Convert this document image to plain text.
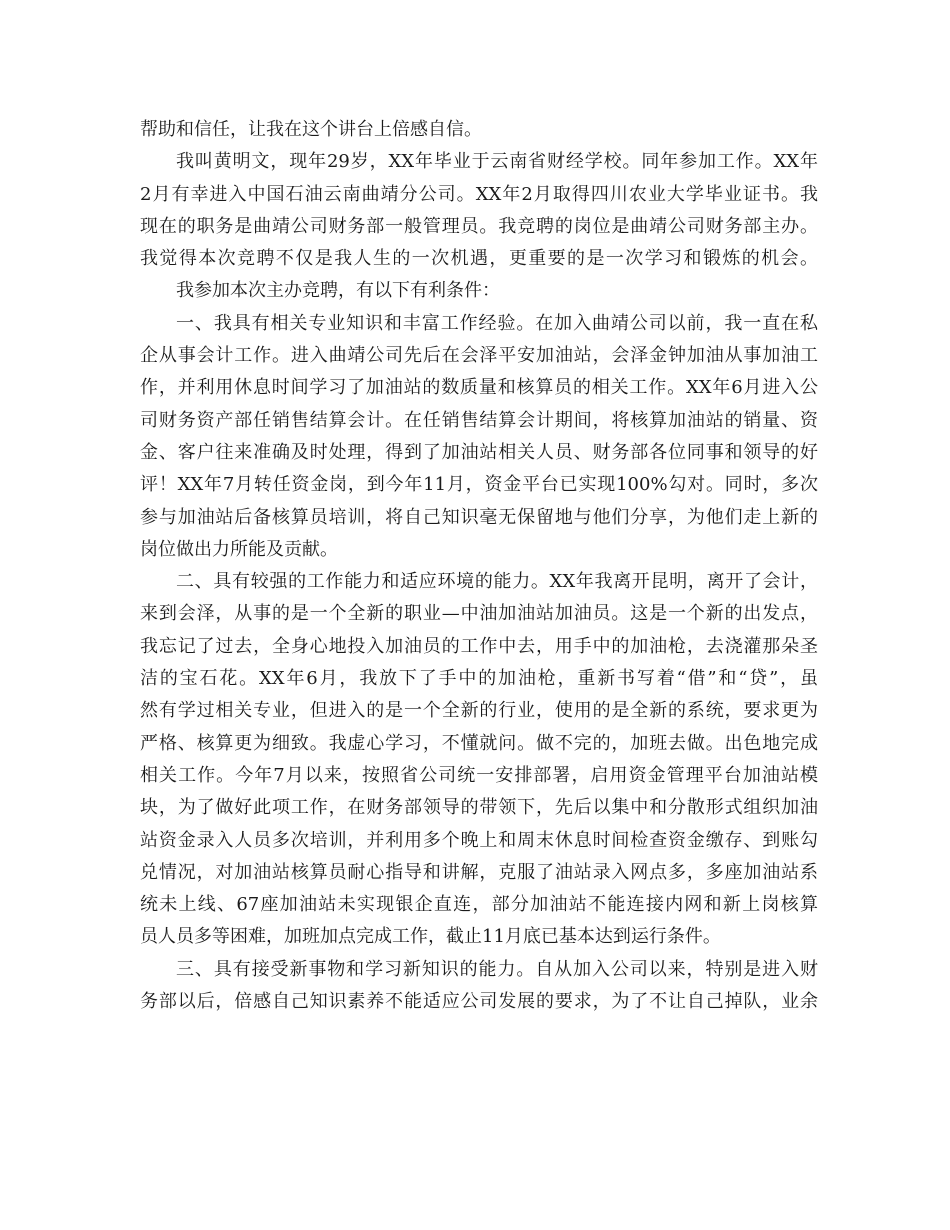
帮助和信任，让我在这个讲台上倍感自信。
我叫黄明文，现年29岁，XX年毕业于云南省财经学校。同年参加工作。XX年
2月有幸进入中国石油云南曲靖分公司。XX年2月取得四川农业大学毕业证书。我
现在的职务是曲靖公司财务部一般管理员。我竞聘的岗位是曲靖公司财务部主办。
我觉得本次竞聘不仅是我人生的一次机遇，更重要的是一次学习和锻炼的机会。
我参加本次主办竞聘，有以下有利条件：
一、我具有相关专业知识和丰富工作经验。在加入曲靖公司以前，我一直在私
企从事会计工作。进入曲靖公司先后在会泽平安加油站，会泽金钟加油从事加油工
作，并利用休息时间学习了加油站的数质量和核算员的相关工作。XX年6月进入公
司财务资产部任销售结算会计。在任销售结算会计期间，将核算加油站的销量、资
金、客户往来准确及时处理，得到了加油站相关人员、财务部各位同事和领导的好
评！XX年7月转任资金岗，到今年11月，资金平台已实现100%勾对。同时，多次
参与加油站后备核算员培训，将自己知识毫无保留地与他们分享，为他们走上新的
岗位做出力所能及贡献。
二、具有较强的工作能力和适应环境的能力。XX年我离开昆明，离开了会计，
来到会泽，从事的是一个全新的职业—中油加油站加油员。这是一个新的出发点，
我忘记了过去，全身心地投入加油员的工作中去，用手中的加油枪，去浇灌那朵圣
洁的宝石花。XX年6月，我放下了手中的加油枪，重新书写着“借”和“贷”，虽
然有学过相关专业，但进入的是一个全新的行业，使用的是全新的系统，要求更为
严格、核算更为细致。我虚心学习，不懂就问。做不完的，加班去做。出色地完成
相关工作。今年7月以来，按照省公司统一安排部署，启用资金管理平台加油站模
块，为了做好此项工作，在财务部领导的带领下，先后以集中和分散形式组织加油
站资金录入人员多次培训，并利用多个晚上和周末休息时间检查资金缴存、到账勾
兑情况，对加油站核算员耐心指导和讲解，克服了油站录入网点多，多座加油站系
统未上线、67座加油站未实现银企直连，部分加油站不能连接内网和新上岗核算
员人员多等困难，加班加点完成工作，截止11月底已基本达到运行条件。
三、具有接受新事物和学习新知识的能力。自从加入公司以来，特别是进入财
务部以后，倍感自己知识素养不能适应公司发展的要求，为了不让自己掉队，业余
